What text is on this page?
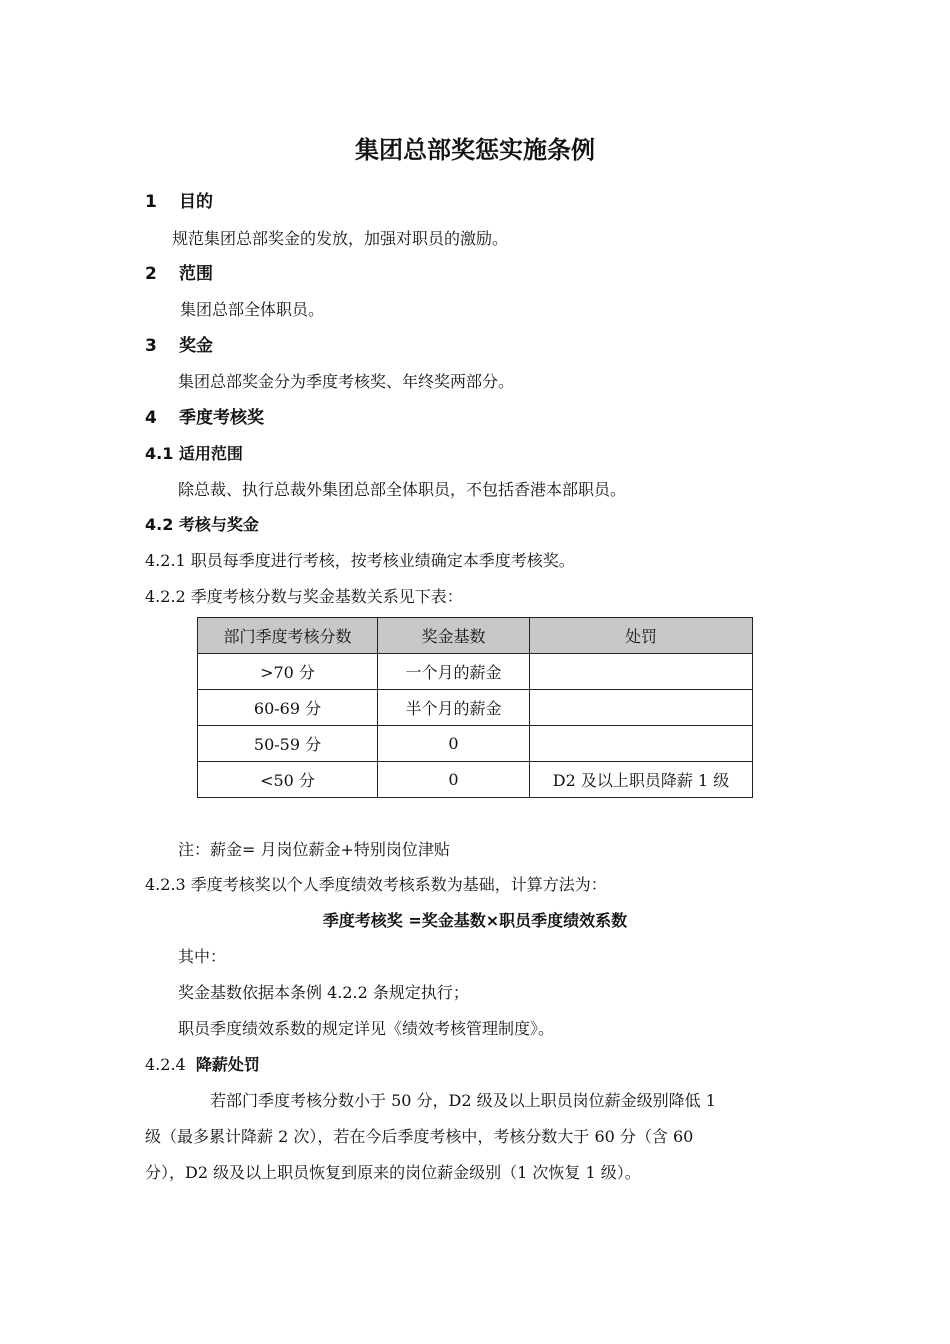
集团总部奖惩实施条例
1 目的
规范集团总部奖金的发放，加强对职员的激励。
2 范围
集团总部全体职员。
3 奖金
集团总部奖金分为季度考核奖、年终奖两部分。
4 季度考核奖
4.1 适用范围
除总裁、执行总裁外集团总部全体职员，不包括香港本部职员。
4.2 考核与奖金
4.2.1 职员每季度进行考核，按考核业绩确定本季度考核奖。
4.2.2 季度考核分数与奖金基数关系见下表：
部门季度考核分数	奖金基数	处罚
>70 分	一个月的薪金	
60-69 分	半个月的薪金	
50-59 分	0	
<50 分	0	D2 及以上职员降薪 1 级
注：薪金= 月岗位薪金+特别岗位津贴
4.2.3 季度考核奖以个人季度绩效考核系数为基础，计算方法为：
季度考核奖 =奖金基数×职员季度绩效系数
其中：
奖金基数依据本条例 4.2.2 条规定执行；
职员季度绩效系数的规定详见《绩效考核管理制度》。
4.2.4 降薪处罚
若部门季度考核分数小于 50 分，D2 级及以上职员岗位薪金级别降低 1
级（最多累计降薪 2 次），若在今后季度考核中，考核分数大于 60 分（含 60
分），D2 级及以上职员恢复到原来的岗位薪金级别（1 次恢复 1 级）。
